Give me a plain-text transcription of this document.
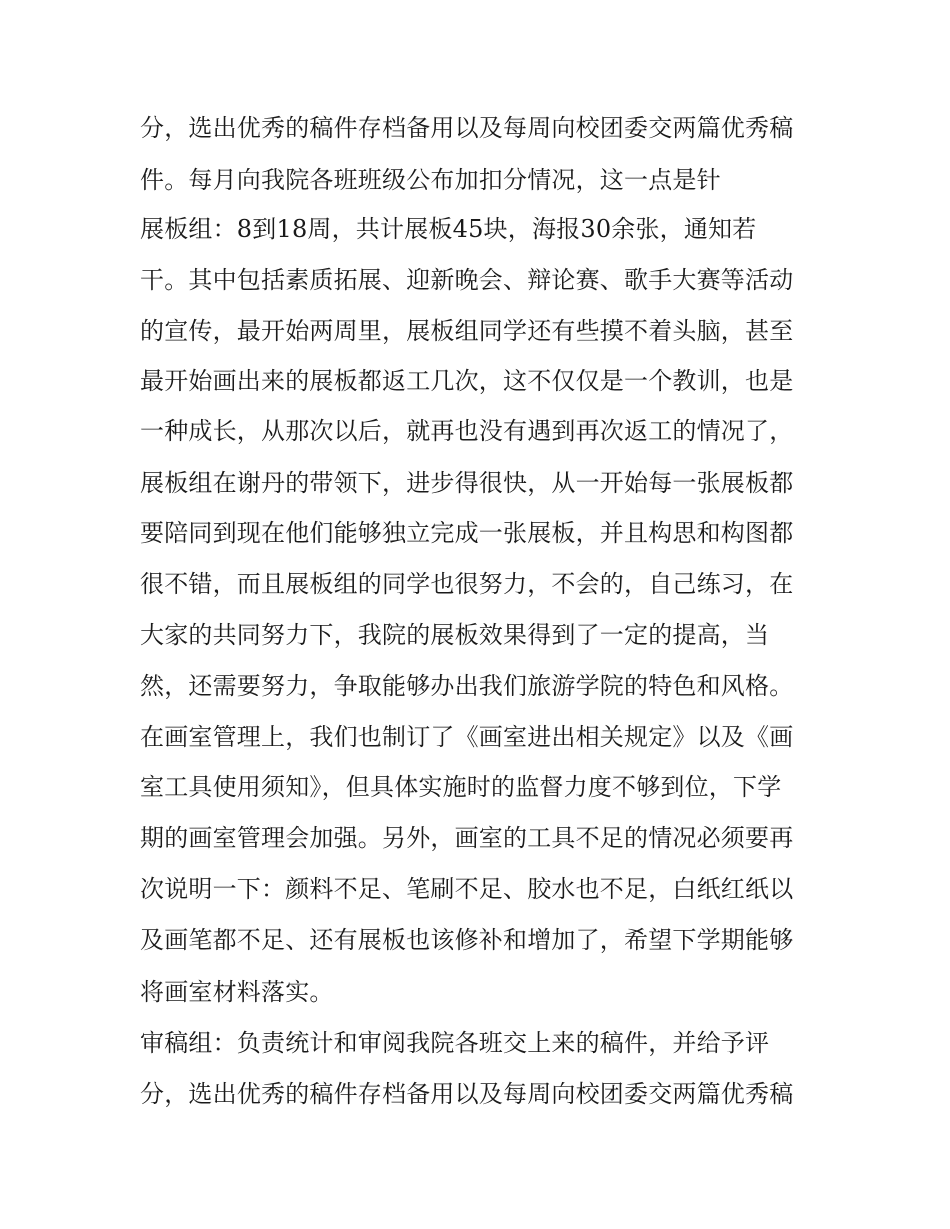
分，选出优秀的稿件存档备用以及每周向校团委交两篇优秀稿
件。每月向我院各班班级公布加扣分情况，这一点是针
展板组：8到18周，共计展板45块，海报30余张，通知若
干。其中包括素质拓展、迎新晚会、辩论赛、歌手大赛等活动
的宣传，最开始两周里，展板组同学还有些摸不着头脑，甚至
最开始画出来的展板都返工几次，这不仅仅是一个教训，也是
一种成长，从那次以后，就再也没有遇到再次返工的情况了，
展板组在谢丹的带领下，进步得很快，从一开始每一张展板都
要陪同到现在他们能够独立完成一张展板，并且构思和构图都
很不错，而且展板组的同学也很努力，不会的，自己练习，在
大家的共同努力下，我院的展板效果得到了一定的提高，当
然，还需要努力，争取能够办出我们旅游学院的特色和风格。
在画室管理上，我们也制订了《画室进出相关规定》以及《画
室工具使用须知》，但具体实施时的监督力度不够到位，下学
期的画室管理会加强。另外，画室的工具不足的情况必须要再
次说明一下：颜料不足、笔刷不足、胶水也不足，白纸红纸以
及画笔都不足、还有展板也该修补和增加了，希望下学期能够
将画室材料落实。
审稿组：负责统计和审阅我院各班交上来的稿件，并给予评
分，选出优秀的稿件存档备用以及每周向校团委交两篇优秀稿
